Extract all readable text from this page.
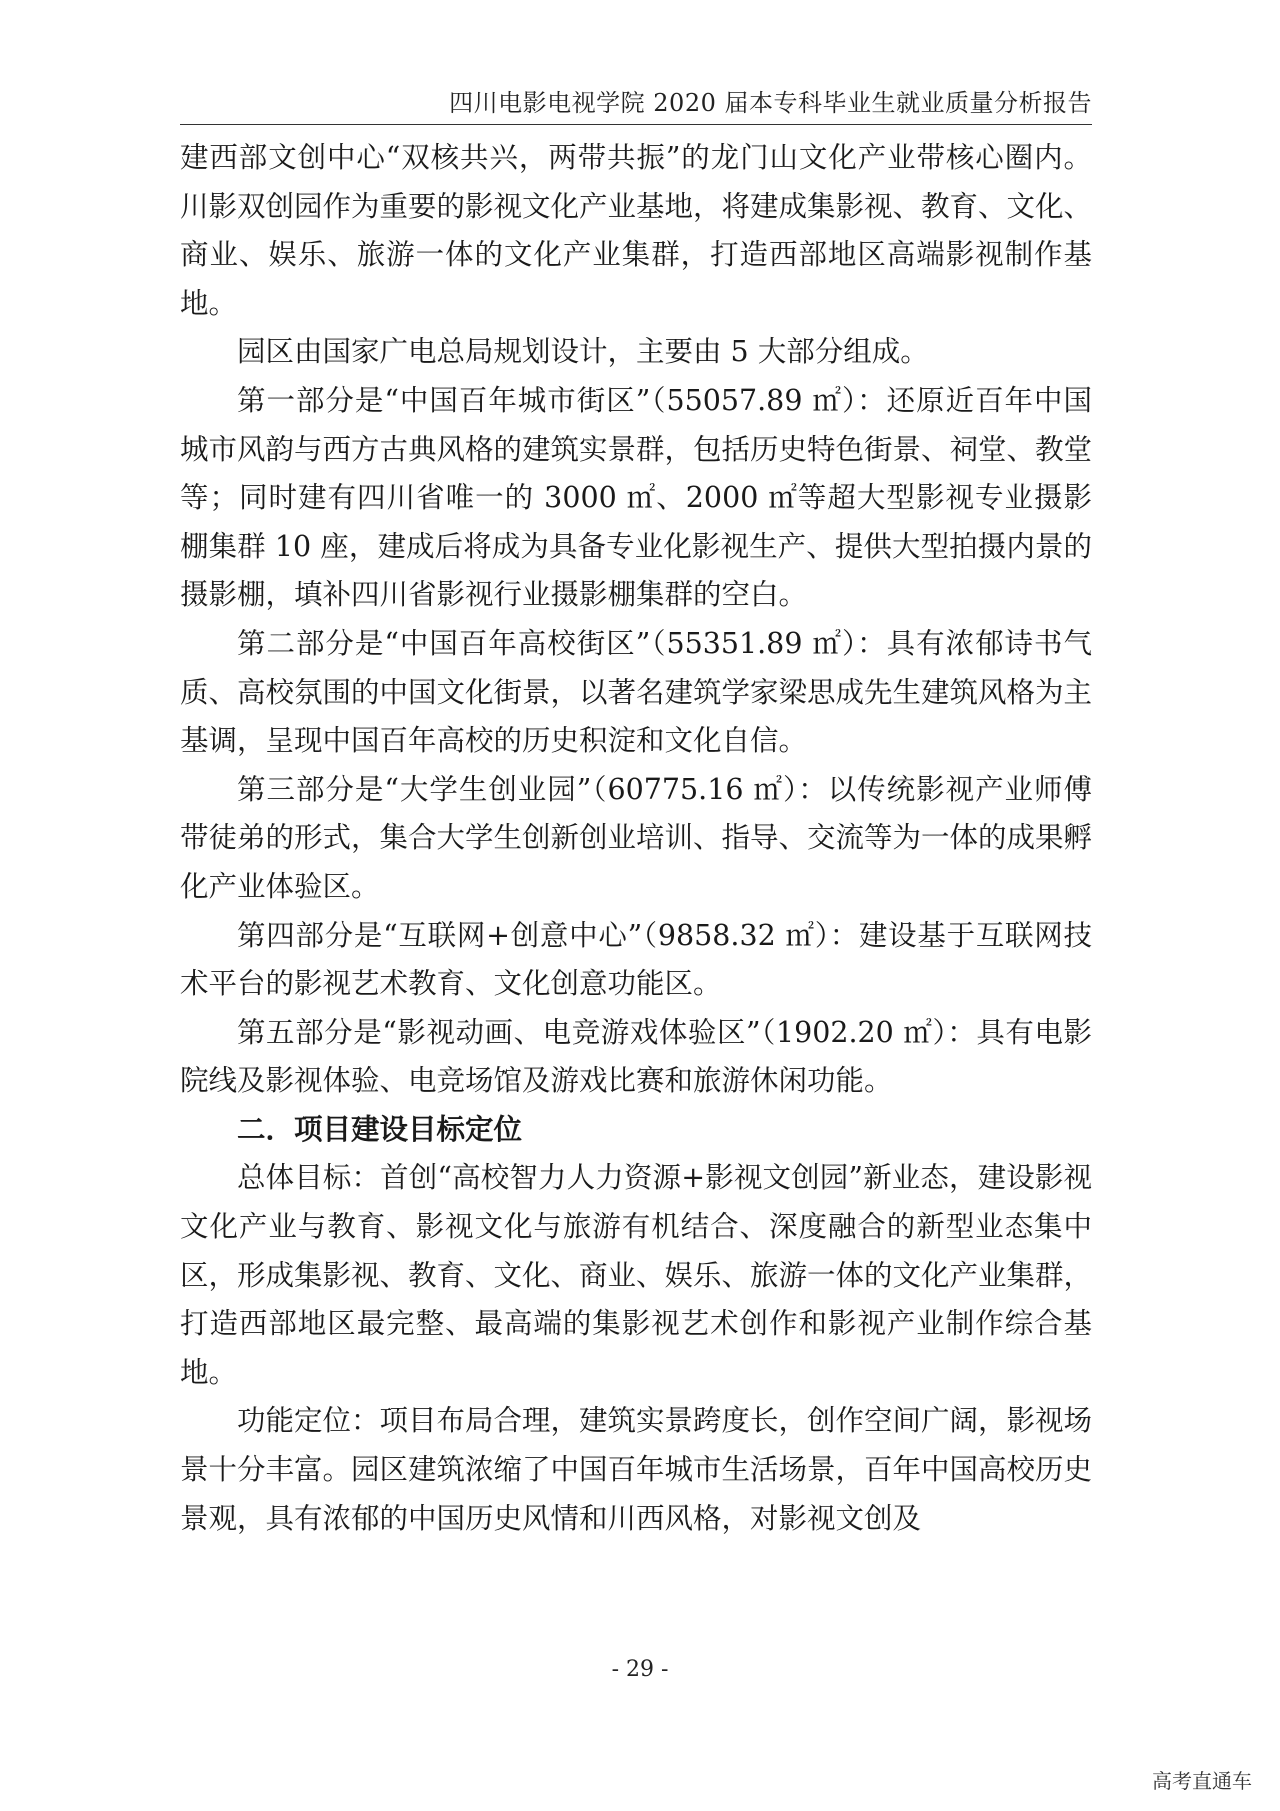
四川电影电视学院 2020 届本专科毕业生就业质量分析报告

建西部文创中心“双核共兴，两带共振”的龙门山文化产业带核心圈内。川影双创园作为重要的影视文化产业基地，将建成集影视、教育、文化、商业、娱乐、旅游一体的文化产业集群，打造西部地区高端影视制作基地。

园区由国家广电总局规划设计，主要由 5 大部分组成。

第一部分是“中国百年城市街区”（55057.89 ㎡）：还原近百年中国城市风韵与西方古典风格的建筑实景群，包括历史特色街景、祠堂、教堂等；同时建有四川省唯一的 3000 ㎡、2000 ㎡等超大型影视专业摄影棚集群 10 座，建成后将成为具备专业化影视生产、提供大型拍摄内景的摄影棚，填补四川省影视行业摄影棚集群的空白。

第二部分是“中国百年高校街区”（55351.89 ㎡）：具有浓郁诗书气质、高校氛围的中国文化街景，以著名建筑学家梁思成先生建筑风格为主基调，呈现中国百年高校的历史积淀和文化自信。

第三部分是“大学生创业园”（60775.16 ㎡）：以传统影视产业师傅带徒弟的形式，集合大学生创新创业培训、指导、交流等为一体的成果孵化产业体验区。

第四部分是“互联网+创意中心”（9858.32 ㎡）：建设基于互联网技术平台的影视艺术教育、文化创意功能区。

第五部分是“影视动画、电竞游戏体验区”（1902.20 ㎡）：具有电影院线及影视体验、电竞场馆及游戏比赛和旅游休闲功能。

二．项目建设目标定位

总体目标：首创“高校智力人力资源+影视文创园”新业态，建设影视文化产业与教育、影视文化与旅游有机结合、深度融合的新型业态集中区，形成集影视、教育、文化、商业、娱乐、旅游一体的文化产业集群，打造西部地区最完整、最高端的集影视艺术创作和影视产业制作综合基地。

功能定位：项目布局合理，建筑实景跨度长，创作空间广阔，影视场景十分丰富。园区建筑浓缩了中国百年城市生活场景，百年中国高校历史景观，具有浓郁的中国历史风情和川西风格，对影视文创及

- 29 -
高考直通车
